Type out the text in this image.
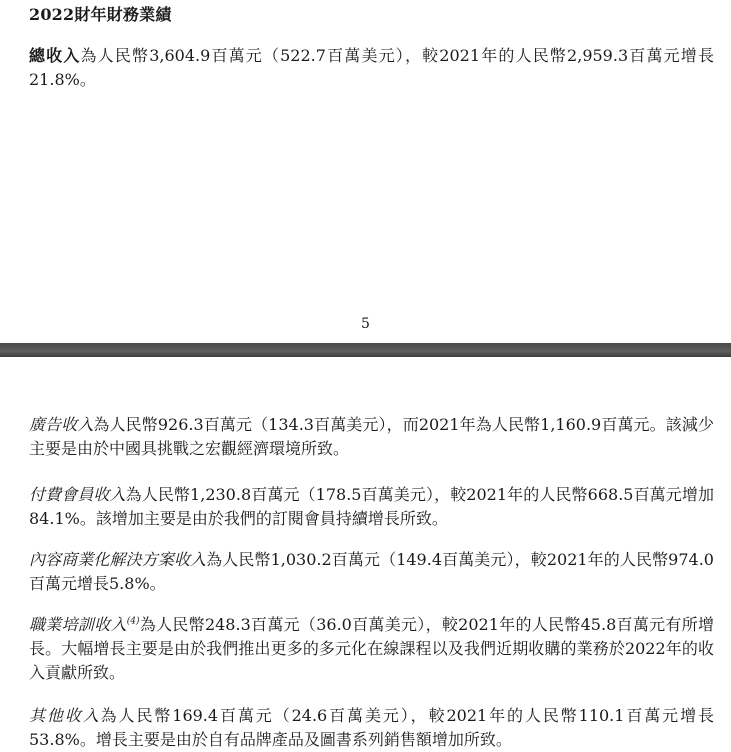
2022財年財務業績

總收入為人民幣3,604.9百萬元（522.7百萬美元），較2021年的人民幣2,959.3百萬元增長21.8%。

5

廣告收入為人民幣926.3百萬元（134.3百萬美元），而2021年為人民幣1,160.9百萬元。該減少主要是由於中國具挑戰之宏觀經濟環境所致。

付費會員收入為人民幣1,230.8百萬元（178.5百萬美元），較2021年的人民幣668.5百萬元增加84.1%。該增加主要是由於我們的訂閱會員持續增長所致。

內容商業化解決方案收入為人民幣1,030.2百萬元（149.4百萬美元），較2021年的人民幣974.0百萬元增長5.8%。

職業培訓收入$^{(4)}$為人民幣248.3百萬元（36.0百萬美元），較2021年的人民幣45.8百萬元有所增長。大幅增長主要是由於我們推出更多的多元化在線課程以及我們近期收購的業務於2022年的收入貢獻所致。

其他收入為人民幣169.4百萬元（24.6百萬美元），較2021年的人民幣110.1百萬元增長53.8%。增長主要是由於自有品牌產品及圖書系列銷售額增加所致。
